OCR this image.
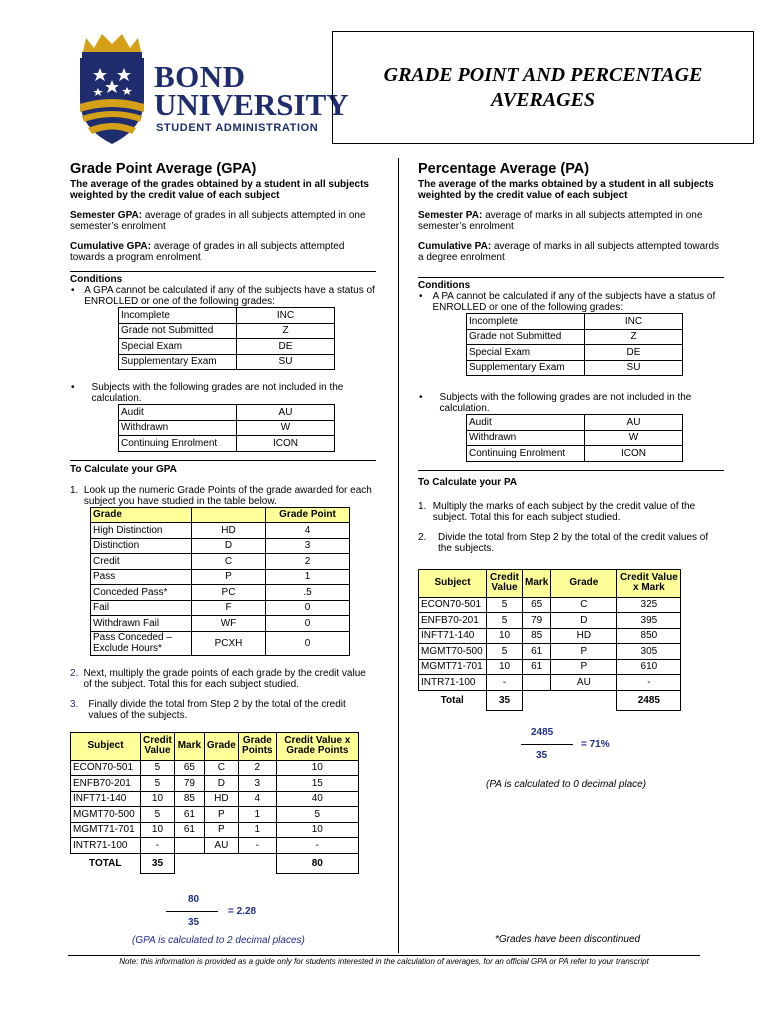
BOND
UNIVERSITY
STUDENT ADMINISTRATION
GRADE POINT AND PERCENTAGE
AVERAGES
Grade Point Average (GPA)
The average of the grades obtained by a student in all subjects weighted by the credit value of each subject

Semester GPA: average of grades in all subjects attempted in one semester’s enrolment

Cumulative GPA: average of grades in all subjects attempted towards a program enrolment

Conditions
• A GPA cannot be calculated if any of the subjects have a status of ENROLLED or one of the following grades:
Incomplete	INC
Grade not Submitted	Z
Special Exam	DE
Supplementary Exam	SU
•	Subjects with the following grades are not included in the calculation.
Audit	AU
Withdrawn	W
Continuing Enrolment	ICON
To Calculate your GPA
1. Look up the numeric Grade Points of the grade awarded for each subject you have studied in the table below.
Grade		Grade Point
High Distinction	HD	4
Distinction	D	3
Credit	C	2
Pass	P	1
Conceded Pass*	PC	.5
Fail	F	0
Withdrawn Fail	WF	0
Pass Conceded – Exclude Hours*	PCXH	0
2. Next, multiply the grade points of each grade by the credit value of the subject. Total this for each subject studied.
3.	Finally divide the total from Step 2 by the total of the credit values of the subjects.
Subject	Credit Value	Mark	Grade	Grade Points	Credit Value x Grade Points
ECON70-501	5	65	C	2	10
ENFB70-201	5	79	D	3	15
INFT71-140	10	85	HD	4	40
MGMT70-500	5	61	P	1	5
MGMT71-701	10	61	P	1	10
INTR71-100	-		AU	-	-
TOTAL	35				80
80
35
= 2.28
(GPA is calculated to 2 decimal places)
Percentage Average (PA)
The average of the marks obtained by a student in all subjects weighted by the credit value of each subject

Semester PA: average of marks in all subjects attempted in one semester’s enrolment

Cumulative PA: average of marks in all subjects attempted towards a degree enrolment

Conditions
• A PA cannot be calculated if any of the subjects have a status of ENROLLED or one of the following grades:
Incomplete	INC
Grade not Submitted	Z
Special Exam	DE
Supplementary Exam	SU
•	Subjects with the following grades are not included in the calculation.
Audit	AU
Withdrawn	W
Continuing Enrolment	ICON
To Calculate your PA
1. Multiply the marks of each subject by the credit value of the subject. Total this for each subject studied.
2.	Divide the total from Step 2 by the total of the credit values of the subjects.
Subject	Credit Value	Mark	Grade	Credit Value x Mark
ECON70-501	5	65	C	325
ENFB70-201	5	79	D	395
INFT71-140	10	85	HD	850
MGMT70-500	5	61	P	305
MGMT71-701	10	61	P	610
INTR71-100	-		AU	-
Total	35			2485
2485
35
= 71%
(PA is calculated to 0 decimal place)
*Grades have been discontinued
Note: this information is provided as a guide only for students interested in the calculation of averages, for an official GPA or PA refer to your transcript
